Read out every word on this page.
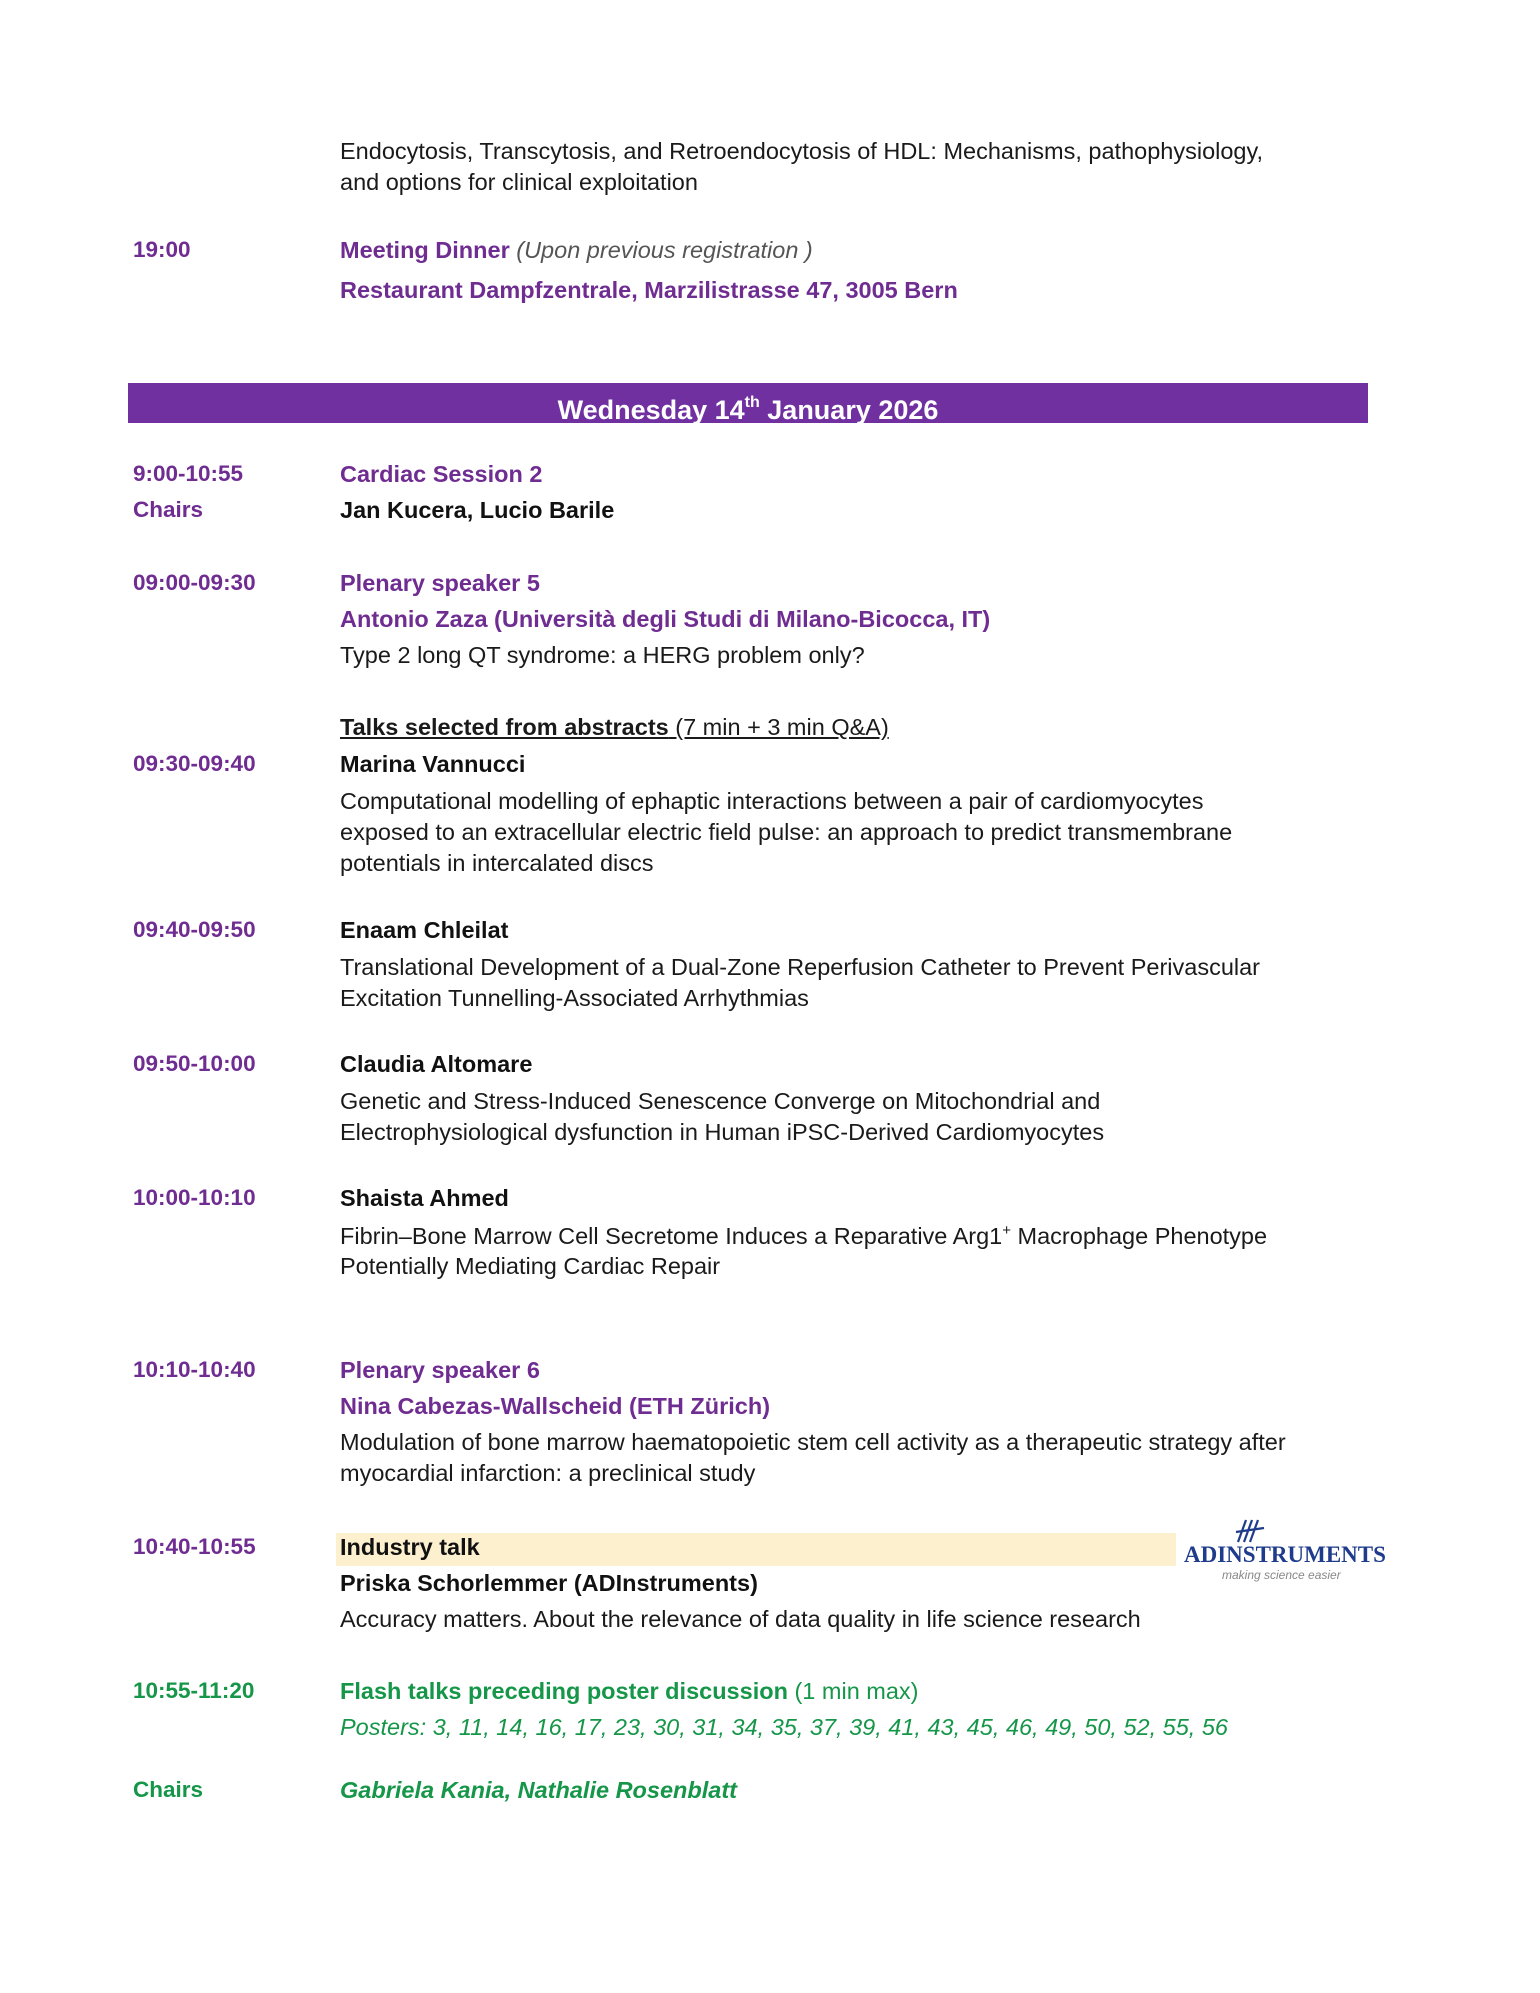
Endocytosis, Transcytosis, and Retroendocytosis of HDL: Mechanisms, pathophysiology,
and options for clinical exploitation
19:00	Meeting Dinner (Upon previous registration )
Restaurant Dampfzentrale, Marzilistrasse 47, 3005 Bern
Wednesday 14th January 2026
9:00-10:55	Cardiac Session 2
Chairs	Jan Kucera, Lucio Barile
09:00-09:30	Plenary speaker 5
Antonio Zaza (Università degli Studi di Milano-Bicocca, IT)
Type 2 long QT syndrome: a HERG problem only?
Talks selected from abstracts (7 min + 3 min Q&A)
09:30-09:40	Marina Vannucci
Computational modelling of ephaptic interactions between a pair of cardiomyocytes
exposed to an extracellular electric field pulse: an approach to predict transmembrane
potentials in intercalated discs
09:40-09:50	Enaam Chleilat
Translational Development of a Dual-Zone Reperfusion Catheter to Prevent Perivascular
Excitation Tunnelling-Associated Arrhythmias
09:50-10:00	Claudia Altomare
Genetic and Stress-Induced Senescence Converge on Mitochondrial and
Electrophysiological dysfunction in Human iPSC-Derived Cardiomyocytes
10:00-10:10	Shaista Ahmed
Fibrin–Bone Marrow Cell Secretome Induces a Reparative Arg1+ Macrophage Phenotype
Potentially Mediating Cardiac Repair
10:10-10:40	Plenary speaker 6
Nina Cabezas-Wallscheid (ETH Zürich)
Modulation of bone marrow haematopoietic stem cell activity as a therapeutic strategy after
myocardial infarction: a preclinical study
10:40-10:55	Industry talk
Priska Schorlemmer (ADInstruments)
Accuracy matters. About the relevance of data quality in life science research
ADINSTRUMENTS
making science easier
10:55-11:20	Flash talks preceding poster discussion (1 min max)
Posters: 3, 11, 14, 16, 17, 23, 30, 31, 34, 35, 37, 39, 41, 43, 45, 46, 49, 50, 52, 55, 56
Chairs	Gabriela Kania, Nathalie Rosenblatt
